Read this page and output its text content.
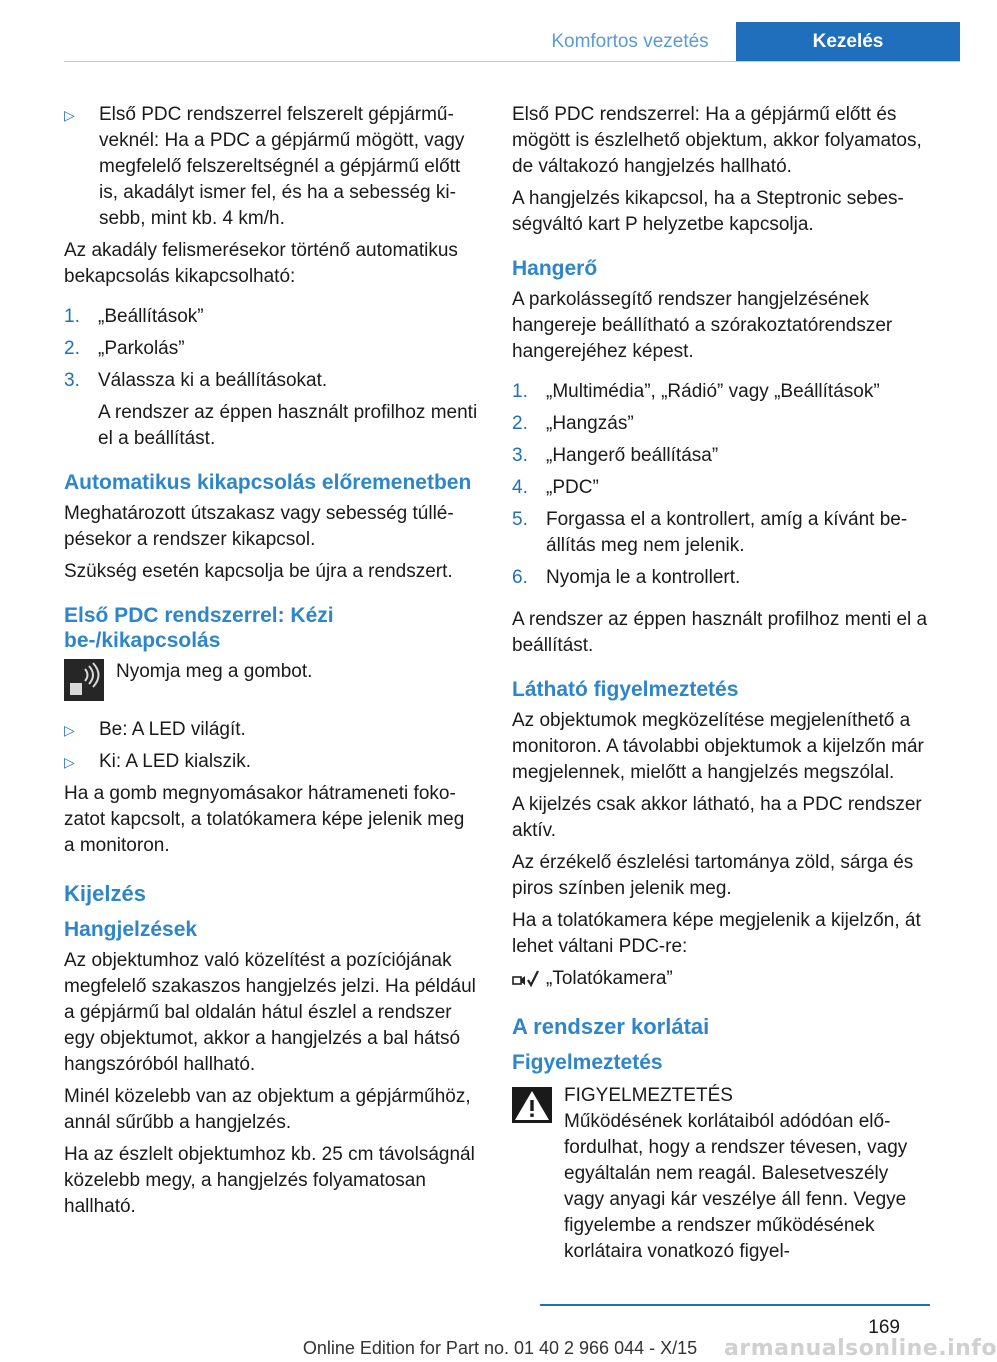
Komfortos vezetés	Kezelés
▷ Első PDC rendszerrel felszerelt gépjárműveknél: Ha a PDC a gépjármű mögött, vagy megfelelő felszereltségnél a gépjármű előtt is, akadályt ismer fel, és ha a sebesség kisebb, mint kb. 4 km/h.

Az akadály felismerésekor történő automatikus bekapcsolás kikapcsolható:

1. „Beállítások”
2. „Parkolás”
3. Válassza ki a beállításokat.
A rendszer az éppen használt profilhoz menti el a beállítást.
Automatikus kikapcsolás előremenetben

Meghatározott útszakasz vagy sebesség túllépésekor a rendszer kikapcsol.

Szükség esetén kapcsolja be újra a rendszert.

Első PDC rendszerrel: Kézi be-/kikapcsolás
Nyomja meg a gombot.
▷ Be: A LED világít.
▷ Ki: A LED kialszik.

Ha a gomb megnyomásakor hátrameneti fokozatot kapcsolt, a tolatókamera képe jelenik meg a monitoron.

Kijelzés
Hangjelzések

Az objektumhoz való közelítést a pozíciójának megfelelő szakaszos hangjelzés jelzi. Ha például a gépjármű bal oldalán hátul észlel a rendszer egy objektumot, akkor a hangjelzés a bal hátsó hangszóróból hallható.

Minél közelebb van az objektum a gépjárműhöz, annál sűrűbb a hangjelzés.

Ha az észlelt objektumhoz kb. 25 cm távolságnál közelebb megy, a hangjelzés folyamatosan hallható.

Első PDC rendszerrel: Ha a gépjármű előtt és mögött is észlelhető objektum, akkor folyamatos, de váltakozó hangjelzés hallható.

A hangjelzés kikapcsol, ha a Steptronic sebességváltó kart P helyzetbe kapcsolja.

Hangerő

A parkolássegítő rendszer hangjelzésének hangereje beállítható a szórakoztatórendszer hangerejéhez képest.

1. „Multimédia”, „Rádió” vagy „Beállítások”
2. „Hangzás”
3. „Hangerő beállítása”
4. „PDC”
5. Forgassa el a kontrollert, amíg a kívánt beállítás meg nem jelenik.
6. Nyomja le a kontrollert.

A rendszer az éppen használt profilhoz menti el a beállítást.

Látható figyelmeztetés

Az objektumok megközelítése megjeleníthető a monitoron. A távolabbi objektumok a kijelzőn már megjelennek, mielőtt a hangjelzés megszólal.

A kijelzés csak akkor látható, ha a PDC rendszer aktív.

Az érzékelő észlelési tartománya zöld, sárga és piros színben jelenik meg.

Ha a tolatókamera képe megjelenik a kijelzőn, át lehet váltani PDC-re:

„Tolatókamera”
A rendszer korlátai
Figyelmeztetés
FIGYELMEZTETÉS
Működésének korlátaiból adódóan előfordulhat, hogy a rendszer tévesen, vagy egyáltalán nem reagál. Balesetveszély vagy anyagi kár veszélye áll fenn. Vegye figyelembe a rendszer működésének korlátaira vonatkozó figyel-
169
Online Edition for Part no. 01 40 2 966 044 - X/15	armanualsonline.info
